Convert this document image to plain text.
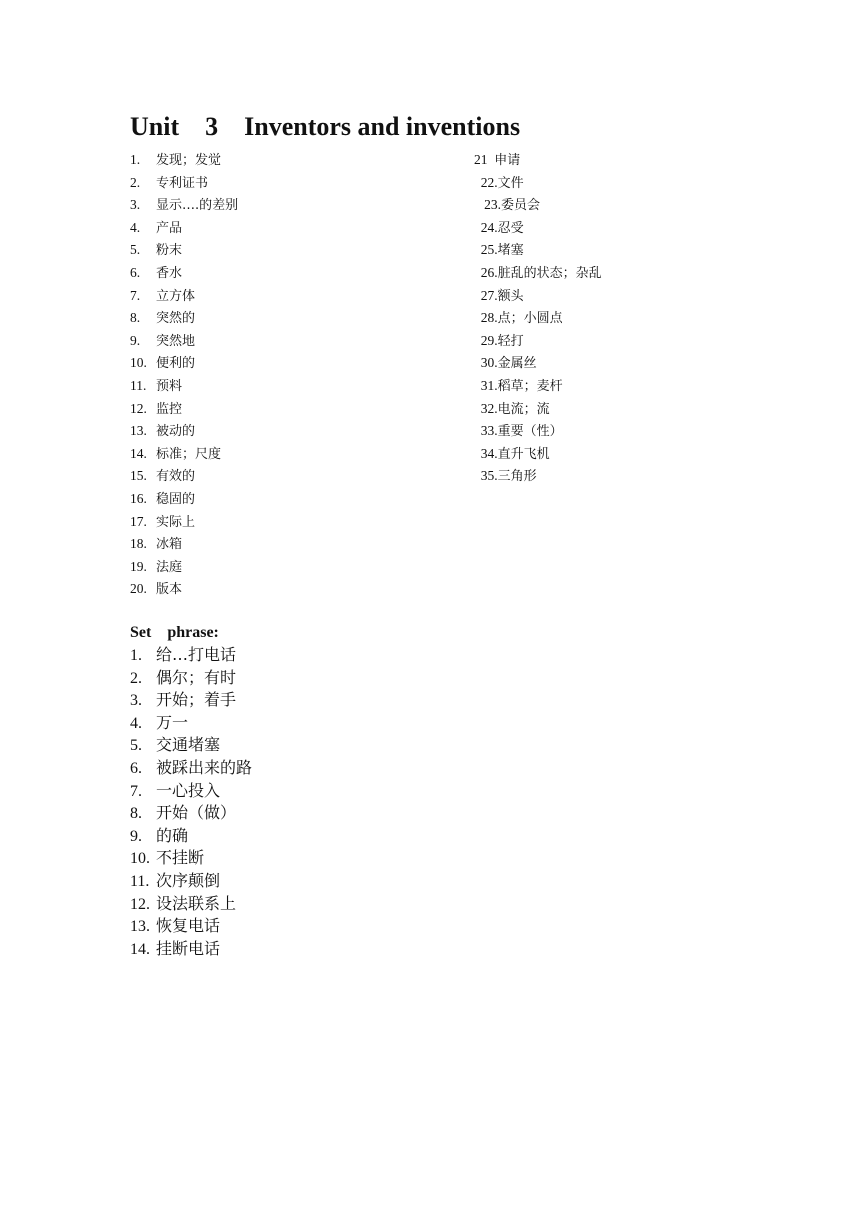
Unit    3    Inventors and inventions
1. 发现；发觉
2. 专利证书
3. 显示….的差别
4. 产品
5. 粉末
6. 香水
7. 立方体
8. 突然的
9. 突然地
10. 便利的
11. 预料
12. 监控
13. 被动的
14. 标准；尺度
15. 有效的
16. 稳固的
17. 实际上
18. 冰箱
19. 法庭
20. 版本
21  申请
22.文件
23.委员会
24.忍受
25.堵塞
26.脏乱的状态；杂乱
27.额头
28.点；小圆点
29.轻打
30.金属丝
31.稻草；麦杆
32.电流；流
33.重要（性）
34.直升飞机
35.三角形
Set    phrase:
1. 给…打电话
2. 偶尔；有时
3. 开始；着手
4. 万一
5. 交通堵塞
6. 被踩出来的路
7. 一心投入
8. 开始（做）
9. 的确
10. 不挂断
11. 次序颠倒
12. 设法联系上
13. 恢复电话
14. 挂断电话
